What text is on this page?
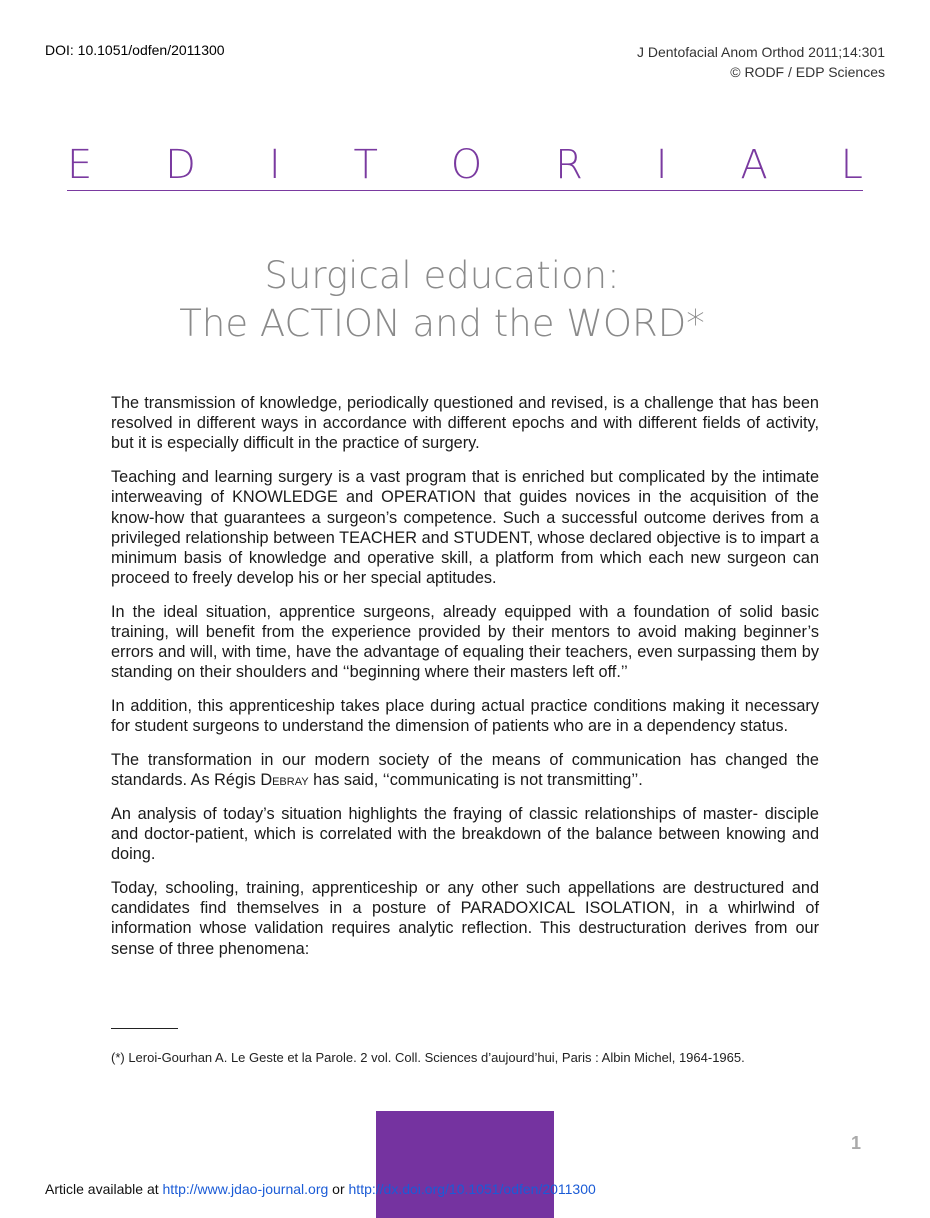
DOI: 10.1051/odfen/2011300	J Dentofacial Anom Orthod 2011;14:301
© RODF / EDP Sciences
E D I T O R I A L
Surgical education:
The ACTION and the WORD*

The transmission of knowledge, periodically questioned and revised, is a challenge that has been resolved in different ways in accordance with different epochs and with different fields of activity, but it is especially difficult in the practice of surgery.

Teaching and learning surgery is a vast program that is enriched but complicated by the intimate interweaving of KNOWLEDGE and OPERATION that guides novices in the acquisition of the know-how that guarantees a surgeon’s competence. Such a successful outcome derives from a privileged relationship between TEACHER and STUDENT, whose declared objective is to impart a minimum basis of knowledge and operative skill, a platform from which each new surgeon can proceed to freely develop his or her special aptitudes.

In the ideal situation, apprentice surgeons, already equipped with a foundation of solid basic training, will benefit from the experience provided by their mentors to avoid making beginner’s errors and will, with time, have the advantage of equaling their teachers, even surpassing them by standing on their shoulders and ‘‘beginning where their masters left off.’’

In addition, this apprenticeship takes place during actual practice conditions making it necessary for student surgeons to understand the dimension of patients who are in a dependency status.

The transformation in our modern society of the means of communication has changed the standards. As Régis Debray has said, ‘‘communicating is not transmitting’’.

An analysis of today’s situation highlights the fraying of classic relationships of master- disciple and doctor-patient, which is correlated with the breakdown of the balance between knowing and doing.

Today, schooling, training, apprenticeship or any other such appellations are destructured and candidates find themselves in a posture of PARADOXICAL ISOLATION, in a whirlwind of information whose validation requires analytic reflection. This destructuration derives from our sense of three phenomena:

(*) Leroi-Gourhan A. Le Geste et la Parole. 2 vol. Coll. Sciences d’aujourd’hui, Paris : Albin Michel, 1964-1965.
1
Article available at http://www.jdao-journal.org or http://dx.doi.org/10.1051/odfen/2011300
